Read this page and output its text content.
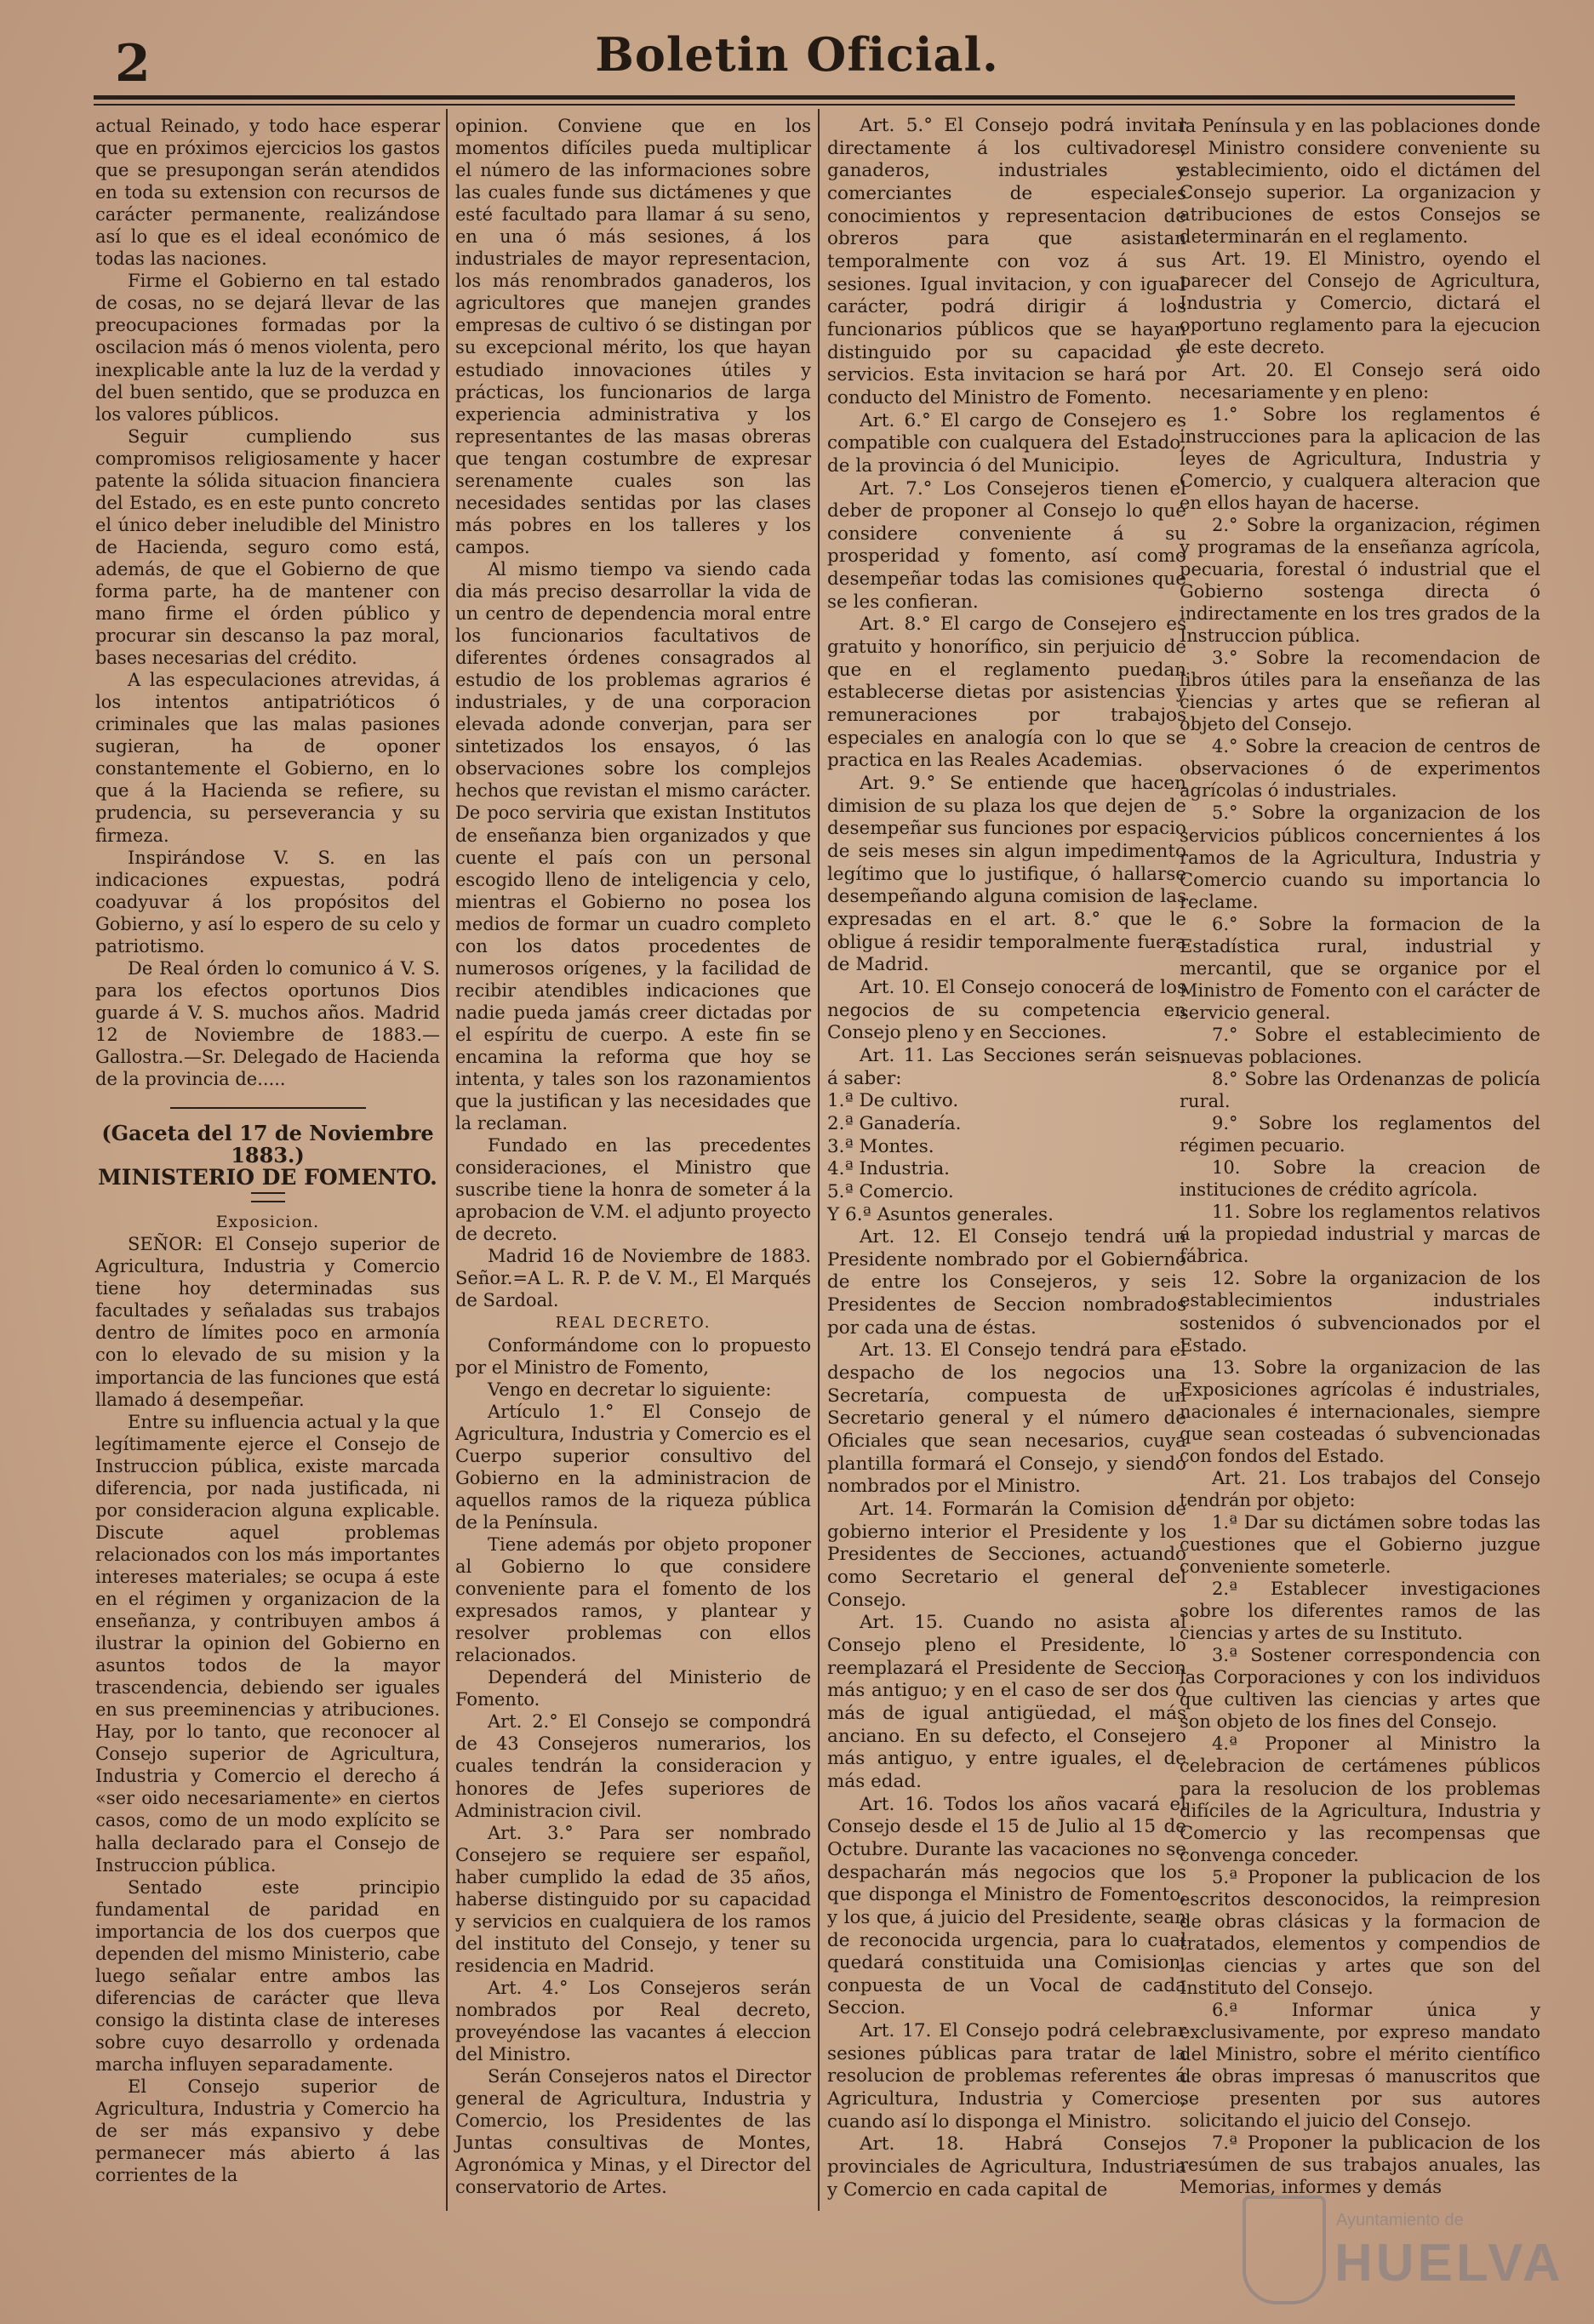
2	Boletin Oficial.

actual Reinado, y todo hace esperar que en próximos ejercicios los gastos que se presupongan serán atendidos en toda su extension con recursos de carácter permanente, realizándose así lo que es el ideal económico de todas las naciones.

Firme el Gobierno en tal estado de cosas, no se dejará llevar de las preocupaciones formadas por la oscilacion más ó menos violenta, pero inexplicable ante la luz de la verdad y del buen sentido, que se produzca en los valores públicos.

Seguir cumpliendo sus compromisos religiosamente y hacer patente la sólida situacion financiera del Estado, es en este punto concreto el único deber ineludible del Ministro de Hacienda, seguro como está, además, de que el Gobierno de que forma parte, ha de mantener con mano firme el órden público y procurar sin descanso la paz moral, bases necesarias del crédito.

A las especulaciones atrevidas, á los intentos antipatrióticos ó criminales que las malas pasiones sugieran, ha de oponer constantemente el Gobierno, en lo que á la Hacienda se refiere, su prudencia, su perseverancia y su firmeza.

Inspirándose V. S. en las indicaciones expuestas, podrá coadyuvar á los propósitos del Gobierno, y así lo espero de su celo y patriotismo.

De Real órden lo comunico á V. S. para los efectos oportunos Dios guarde á V. S. muchos años. Madrid 12 de Noviembre de 1883.—Gallostra.—Sr. Delegado de Hacienda de la provincia de.....

(Gaceta del 17 de Noviembre 1883.)

MINISTERIO DE FOMENTO.

Exposicion.

SEÑOR: El Consejo superior de Agricultura, Industria y Comercio tiene hoy determinadas sus facultades y señaladas sus trabajos dentro de límites poco en armonía con lo elevado de su mision y la importancia de las funciones que está llamado á desempeñar.

Entre su influencia actual y la que legítimamente ejerce el Consejo de Instruccion pública, existe marcada diferencia, por nada justificada, ni por consideracion alguna explicable. Discute aquel problemas relacionados con los más importantes intereses materiales; se ocupa á este en el régimen y organizacion de la enseñanza, y contribuyen ambos á ilustrar la opinion del Gobierno en asuntos todos de la mayor trascendencia, debiendo ser iguales en sus preeminencias y atribuciones. Hay, por lo tanto, que reconocer al Consejo superior de Agricultura, Industria y Comercio el derecho á «ser oido necesariamente» en ciertos casos, como de un modo explícito se halla declarado para el Consejo de Instruccion pública.

Sentado este principio fundamental de paridad en importancia de los dos cuerpos que dependen del mismo Ministerio, cabe luego señalar entre ambos las diferencias de carácter que lleva consigo la distinta clase de intereses sobre cuyo desarrollo y ordenada marcha influyen separadamente.

El Consejo superior de Agricultura, Industria y Comercio ha de ser más expansivo y debe permanecer más abierto á las corrientes de la

opinion. Conviene que en los momentos difíciles pueda multiplicar el número de las informaciones sobre las cuales funde sus dictámenes y que esté facultado para llamar á su seno, en una ó más sesiones, á los industriales de mayor representacion, los más renombrados ganaderos, los agricultores que manejen grandes empresas de cultivo ó se distingan por su excepcional mérito, los que hayan estudiado innovaciones útiles y prácticas, los funcionarios de larga experiencia administrativa y los representantes de las masas obreras que tengan costumbre de expresar serenamente cuales son las necesidades sentidas por las clases más pobres en los talleres y los campos.

Al mismo tiempo va siendo cada dia más preciso desarrollar la vida de un centro de dependencia moral entre los funcionarios facultativos de diferentes órdenes consagrados al estudio de los problemas agrarios é industriales, y de una corporacion elevada adonde converjan, para ser sintetizados los ensayos, ó las observaciones sobre los complejos hechos que revistan el mismo carácter. De poco serviria que existan Institutos de enseñanza bien organizados y que cuente el país con un personal escogido lleno de inteligencia y celo, mientras el Gobierno no posea los medios de formar un cuadro completo con los datos procedentes de numerosos orígenes, y la facilidad de recibir atendibles indicaciones que nadie pueda jamás creer dictadas por el espíritu de cuerpo. A este fin se encamina la reforma que hoy se intenta, y tales son los razonamientos que la justifican y las necesidades que la reclaman.

Fundado en las precedentes consideraciones, el Ministro que suscribe tiene la honra de someter á la aprobacion de V.M. el adjunto proyecto de decreto.

Madrid 16 de Noviembre de 1883. Señor.=A L. R. P. de V. M., El Marqués de Sardoal.

REAL DECRETO.

Conformándome con lo propuesto por el Ministro de Fomento,

Vengo en decretar lo siguiente:

Artículo 1.° El Consejo de Agricultura, Industria y Comercio es el Cuerpo superior consultivo del Gobierno en la administracion de aquellos ramos de la riqueza pública de la Península.

Tiene además por objeto proponer al Gobierno lo que considere conveniente para el fomento de los expresados ramos, y plantear y resolver problemas con ellos relacionados.

Dependerá del Ministerio de Fomento.

Art. 2.° El Consejo se compondrá de 43 Consejeros numerarios, los cuales tendrán la consideracion y honores de Jefes superiores de Administracion civil.

Art. 3.° Para ser nombrado Consejero se requiere ser español, haber cumplido la edad de 35 años, haberse distinguido por su capacidad y servicios en cualquiera de los ramos del instituto del Consejo, y tener su residencia en Madrid.

Art. 4.° Los Consejeros serán nombrados por Real decreto, proveyéndose las vacantes á eleccion del Ministro.

Serán Consejeros natos el Director general de Agricultura, Industria y Comercio, los Presidentes de las Juntas consultivas de Montes, Agronómica y Minas, y el Director del conservatorio de Artes.

Art. 5.° El Consejo podrá invitar directamente á los cultivadores, ganaderos, industriales y comerciantes de especiales conocimientos y representacion de obreros para que asistan temporalmente con voz á sus sesiones. Igual invitacion, y con igual carácter, podrá dirigir á los funcionarios públicos que se hayan distinguido por su capacidad y servicios. Esta invitacion se hará por conducto del Ministro de Fomento.

Art. 6.° El cargo de Consejero es compatible con cualquera del Estado, de la provincia ó del Municipio.

Art. 7.° Los Consejeros tienen el deber de proponer al Consejo lo que considere conveniente á su prosperidad y fomento, así como desempeñar todas las comisiones que se les confieran.

Art. 8.° El cargo de Consejero es gratuito y honorífico, sin perjuicio de que en el reglamento puedan establecerse dietas por asistencias y remuneraciones por trabajos especiales en analogía con lo que se practica en las Reales Academias.

Art. 9.° Se entiende que hacen dimision de su plaza los que dejen de desempeñar sus funciones por espacio de seis meses sin algun impedimento legítimo que lo justifique, ó hallarse desempeñando alguna comision de las expresadas en el art. 8.° que le obligue á residir temporalmente fuera de Madrid.

Art. 10. El Consejo conocerá de los negocios de su competencia en Consejo pleno y en Secciones.

Art. 11. Las Secciones serán seis, á saber:

1.ª De cultivo.

2.ª Ganadería.

3.ª Montes.

4.ª Industria.

5.ª Comercio.

Y 6.ª Asuntos generales.

Art. 12. El Consejo tendrá un Presidente nombrado por el Gobierno de entre los Consejeros, y seis Presidentes de Seccion nombrados por cada una de éstas.

Art. 13. El Consejo tendrá para el despacho de los negocios una Secretaría, compuesta de un Secretario general y el número de Oficiales que sean necesarios, cuya plantilla formará el Consejo, y siendo nombrados por el Ministro.

Art. 14. Formarán la Comision de gobierno interior el Presidente y los Presidentes de Secciones, actuando como Secretario el general del Consejo.

Art. 15. Cuando no asista al Consejo pleno el Presidente, lo reemplazará el Presidente de Seccion más antiguo; y en el caso de ser dos ó más de igual antigüedad, el más anciano. En su defecto, el Consejero más antiguo, y entre iguales, el de más edad.

Art. 16. Todos los años vacará el Consejo desde el 15 de Julio al 15 de Octubre. Durante las vacaciones no se despacharán más negocios que los que disponga el Ministro de Fomento, y los que, á juicio del Presidente, sean de reconocida urgencia, para lo cual quedará constituida una Comision, conpuesta de un Vocal de cada Seccion.

Art. 17. El Consejo podrá celebrar sesiones públicas para tratar de la resolucion de problemas referentes á Agricultura, Industria y Comercio, cuando así lo disponga el Ministro.

Art. 18. Habrá Consejos provinciales de Agricultura, Industria y Comercio en cada capital de

la Península y en las poblaciones donde el Ministro considere conveniente su establecimiento, oido el dictámen del Consejo superior. La organizacion y atribuciones de estos Consejos se determinarán en el reglamento.

Art. 19. El Ministro, oyendo el parecer del Consejo de Agricultura, Industria y Comercio, dictará el oportuno reglamento para la ejecucion de este decreto.

Art. 20. El Consejo será oido necesariamente y en pleno:

1.° Sobre los reglamentos é instrucciones para la aplicacion de las leyes de Agricultura, Industria y Comercio, y cualquera alteracion que en ellos hayan de hacerse.

2.° Sobre la organizacion, régimen y programas de la enseñanza agrícola, pecuaria, forestal ó industrial que el Gobierno sostenga directa ó indirectamente en los tres grados de la Instruccion pública.

3.° Sobre la recomendacion de libros útiles para la enseñanza de las ciencias y artes que se refieran al objeto del Consejo.

4.° Sobre la creacion de centros de observaciones ó de experimentos agrícolas ó industriales.

5.° Sobre la organizacion de los servicios públicos concernientes á los ramos de la Agricultura, Industria y Comercio cuando su importancia lo reclame.

6.° Sobre la formacion de la Estadística rural, industrial y mercantil, que se organice por el Ministro de Fomento con el carácter de servicio general.

7.° Sobre el establecimiento de nuevas poblaciones.

8.° Sobre las Ordenanzas de policía rural.

9.° Sobre los reglamentos del régimen pecuario.

10. Sobre la creacion de instituciones de crédito agrícola.

11. Sobre los reglamentos relativos á la propiedad industrial y marcas de fábrica.

12. Sobre la organizacion de los establecimientos industriales sostenidos ó subvencionados por el Estado.

13. Sobre la organizacion de las Exposiciones agrícolas é industriales, nacionales é internacionales, siempre que sean costeadas ó subvencionadas con fondos del Estado.

Art. 21. Los trabajos del Consejo tendrán por objeto:

1.ª Dar su dictámen sobre todas las cuestiones que el Gobierno juzgue conveniente someterle.

2.ª Establecer investigaciones sobre los diferentes ramos de las ciencias y artes de su Instituto.

3.ª Sostener correspondencia con las Corporaciones y con los individuos que cultiven las ciencias y artes que son objeto de los fines del Consejo.

4.ª Proponer al Ministro la celebracion de certámenes públicos para la resolucion de los problemas difíciles de la Agricultura, Industria y Comercio y las recompensas que convenga conceder.

5.ª Proponer la publicacion de los escritos desconocidos, la reimpresion de obras clásicas y la formacion de tratados, elementos y compendios de las ciencias y artes que son del Instituto del Consejo.

6.ª Informar única y exclusivamente, por expreso mandato del Ministro, sobre el mérito científico de obras impresas ó manuscritos que se presenten por sus autores solicitando el juicio del Consejo.

7.ª Proponer la publicacion de los resúmen de sus trabajos anuales, las Memorias, informes y demás

Ayuntamiento de
HUELVA
